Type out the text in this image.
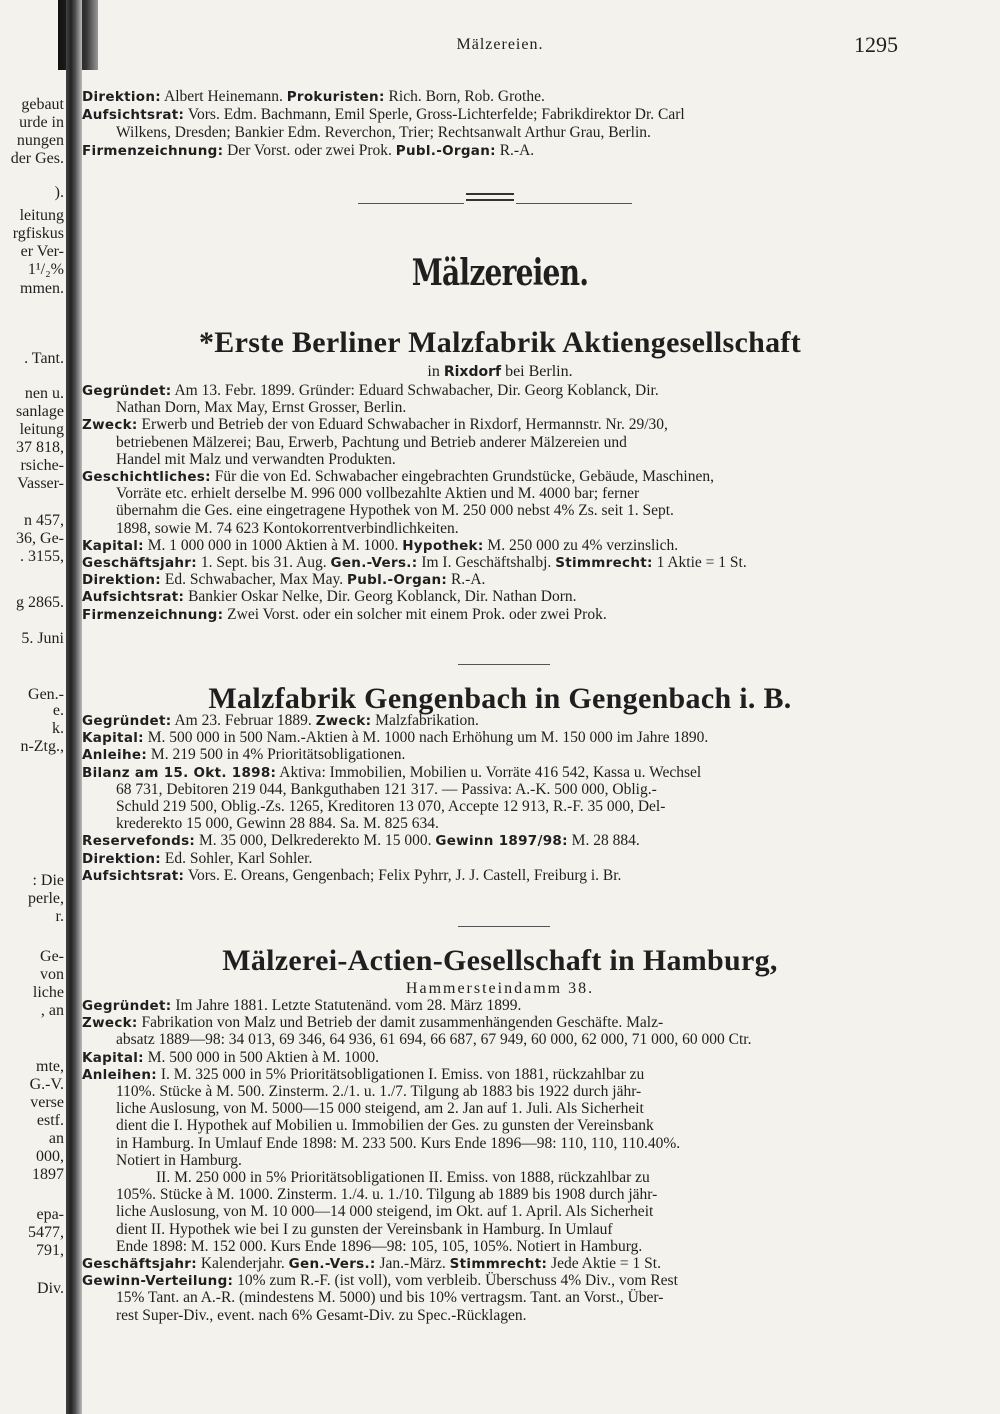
gebaut
urde in
nungen
der Ges.
).
leitung
rgfiskus
er Ver-
1¹/₂%
mmen.
. Tant.
nen u.
sanlage
leitung
37 818,
rsiche-
Vasser-
n 457,
36, Ge-
. 3155,
g 2865.
5. Juni
Gen.-
e.
k.
n-Ztg.,
: Die
perle,
r.
Ge-
von
liche
, an
mte,
G.-V.
verse
estf.
an
000,
1897
epa-
5477,
791,
Div.
Mälzereien.	1295
Mälzereien.
*Erste Berliner Malzfabrik Aktiengesellschaft
in Rixdorf bei Berlin.
Malzfabrik Gengenbach in Gengenbach i. B.
Mälzerei-Actien-Gesellschaft in Hamburg,
Hammersteindamm 38.
Direktion: Albert Heinemann. Prokuristen: Rich. Born, Rob. Grothe.
Aufsichtsrat: Vors. Edm. Bachmann, Emil Sperle, Gross-Lichterfelde; Fabrikdirektor Dr. Carl
Wilkens, Dresden; Bankier Edm. Reverchon, Trier; Rechtsanwalt Arthur Grau, Berlin.
Firmenzeichnung: Der Vorst. oder zwei Prok. Publ.-Organ: R.-A.
Gegründet: Am 13. Febr. 1899. Gründer: Eduard Schwabacher, Dir. Georg Koblanck, Dir.
Nathan Dorn, Max May, Ernst Grosser, Berlin.
Zweck: Erwerb und Betrieb der von Eduard Schwabacher in Rixdorf, Hermannstr. Nr. 29/30,
betriebenen Mälzerei; Bau, Erwerb, Pachtung und Betrieb anderer Mälzereien und
Handel mit Malz und verwandten Produkten.
Geschichtliches: Für die von Ed. Schwabacher eingebrachten Grundstücke, Gebäude, Maschinen,
Vorräte etc. erhielt derselbe M. 996 000 vollbezahlte Aktien und M. 4000 bar; ferner
übernahm die Ges. eine eingetragene Hypothek von M. 250 000 nebst 4% Zs. seit 1. Sept.
1898, sowie M. 74 623 Kontokorrentverbindlichkeiten.
Kapital: M. 1 000 000 in 1000 Aktien à M. 1000. Hypothek: M. 250 000 zu 4% verzinslich.
Geschäftsjahr: 1. Sept. bis 31. Aug. Gen.-Vers.: Im I. Geschäftshalbj. Stimmrecht: 1 Aktie = 1 St.
Direktion: Ed. Schwabacher, Max May. Publ.-Organ: R.-A.
Aufsichtsrat: Bankier Oskar Nelke, Dir. Georg Koblanck, Dir. Nathan Dorn.
Firmenzeichnung: Zwei Vorst. oder ein solcher mit einem Prok. oder zwei Prok.
Gegründet: Am 23. Februar 1889. Zweck: Malzfabrikation.
Kapital: M. 500 000 in 500 Nam.-Aktien à M. 1000 nach Erhöhung um M. 150 000 im Jahre 1890.
Anleihe: M. 219 500 in 4% Prioritätsobligationen.
Bilanz am 15. Okt. 1898: Aktiva: Immobilien, Mobilien u. Vorräte 416 542, Kassa u. Wechsel
68 731, Debitoren 219 044, Bankguthaben 121 317. — Passiva: A.-K. 500 000, Oblig.-
Schuld 219 500, Oblig.-Zs. 1265, Kreditoren 13 070, Accepte 12 913, R.-F. 35 000, Del-
krederekto 15 000, Gewinn 28 884. Sa. M. 825 634.
Reservefonds: M. 35 000, Delkrederekto M. 15 000. Gewinn 1897/98: M. 28 884.
Direktion: Ed. Sohler, Karl Sohler.
Aufsichtsrat: Vors. E. Oreans, Gengenbach; Felix Pyhrr, J. J. Castell, Freiburg i. Br.
Gegründet: Im Jahre 1881. Letzte Statutenänd. vom 28. März 1899.
Zweck: Fabrikation von Malz und Betrieb der damit zusammenhängenden Geschäfte. Malz-
absatz 1889—98: 34 013, 69 346, 64 936, 61 694, 66 687, 67 949, 60 000, 62 000, 71 000, 60 000 Ctr.
Kapital: M. 500 000 in 500 Aktien à M. 1000.
Anleihen: I. M. 325 000 in 5% Prioritätsobligationen I. Emiss. von 1881, rückzahlbar zu
110%. Stücke à M. 500. Zinsterm. 2./1. u. 1./7. Tilgung ab 1883 bis 1922 durch jähr-
liche Auslosung, von M. 5000—15 000 steigend, am 2. Jan auf 1. Juli. Als Sicherheit
dient die I. Hypothek auf Mobilien u. Immobilien der Ges. zu gunsten der Vereinsbank
in Hamburg. In Umlauf Ende 1898: M. 233 500. Kurs Ende 1896—98: 110, 110, 110.40%.
Notiert in Hamburg.
II. M. 250 000 in 5% Prioritätsobligationen II. Emiss. von 1888, rückzahlbar zu
105%. Stücke à M. 1000. Zinsterm. 1./4. u. 1./10. Tilgung ab 1889 bis 1908 durch jähr-
liche Auslosung, von M. 10 000—14 000 steigend, im Okt. auf 1. April. Als Sicherheit
dient II. Hypothek wie bei I zu gunsten der Vereinsbank in Hamburg. In Umlauf
Ende 1898: M. 152 000. Kurs Ende 1896—98: 105, 105, 105%. Notiert in Hamburg.
Geschäftsjahr: Kalenderjahr. Gen.-Vers.: Jan.-März. Stimmrecht: Jede Aktie = 1 St.
Gewinn-Verteilung: 10% zum R.-F. (ist voll), vom verbleib. Überschuss 4% Div., vom Rest
15% Tant. an A.-R. (mindestens M. 5000) und bis 10% vertragsm. Tant. an Vorst., Über-
rest Super-Div., event. nach 6% Gesamt-Div. zu Spec.-Rücklagen.
